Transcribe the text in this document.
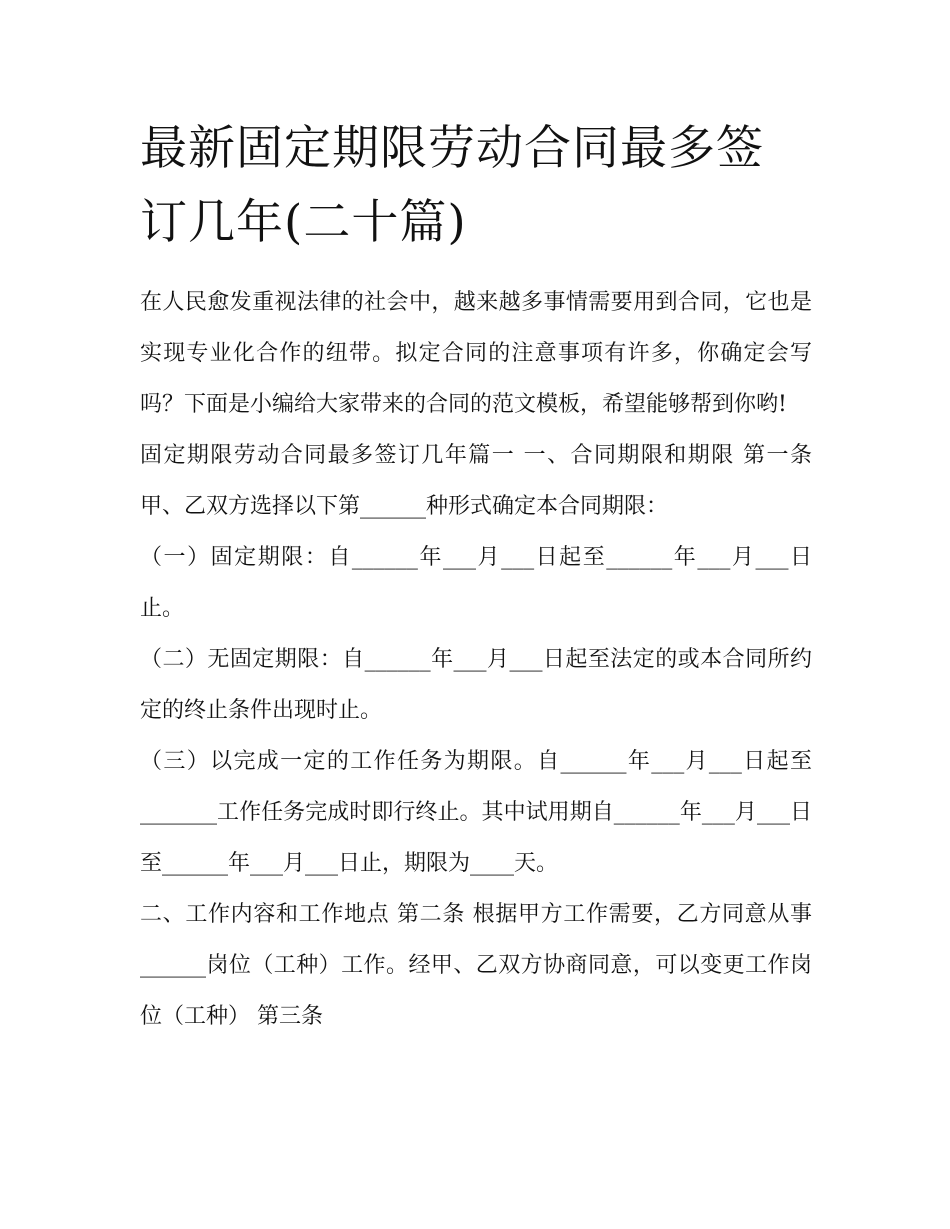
最新固定期限劳动合同最多签订几年(二十篇)

在人民愈发重视法律的社会中，越来越多事情需要用到合同，它也是实现专业化合作的纽带。拟定合同的注意事项有许多，你确定会写吗？下面是小编给大家带来的合同的范文模板，希望能够帮到你哟!

固定期限劳动合同最多签订几年篇一 一、合同期限和期限 第一条 甲、乙双方选择以下第______种形式确定本合同期限：

（一）固定期限：自______年___月___日起至______年___月___日止。

（二）无固定期限：自______年___月___日起至法定的或本合同所约定的终止条件出现时止。

（三）以完成一定的工作任务为期限。自______年___月___日起至_______工作任务完成时即行终止。其中试用期自______年___月___日至______年___月___日止，期限为____天。

二、工作内容和工作地点 第二条 根据甲方工作需要，乙方同意从事______岗位（工种）工作。经甲、乙双方协商同意，可以变更工作岗位（工种） 第三条
